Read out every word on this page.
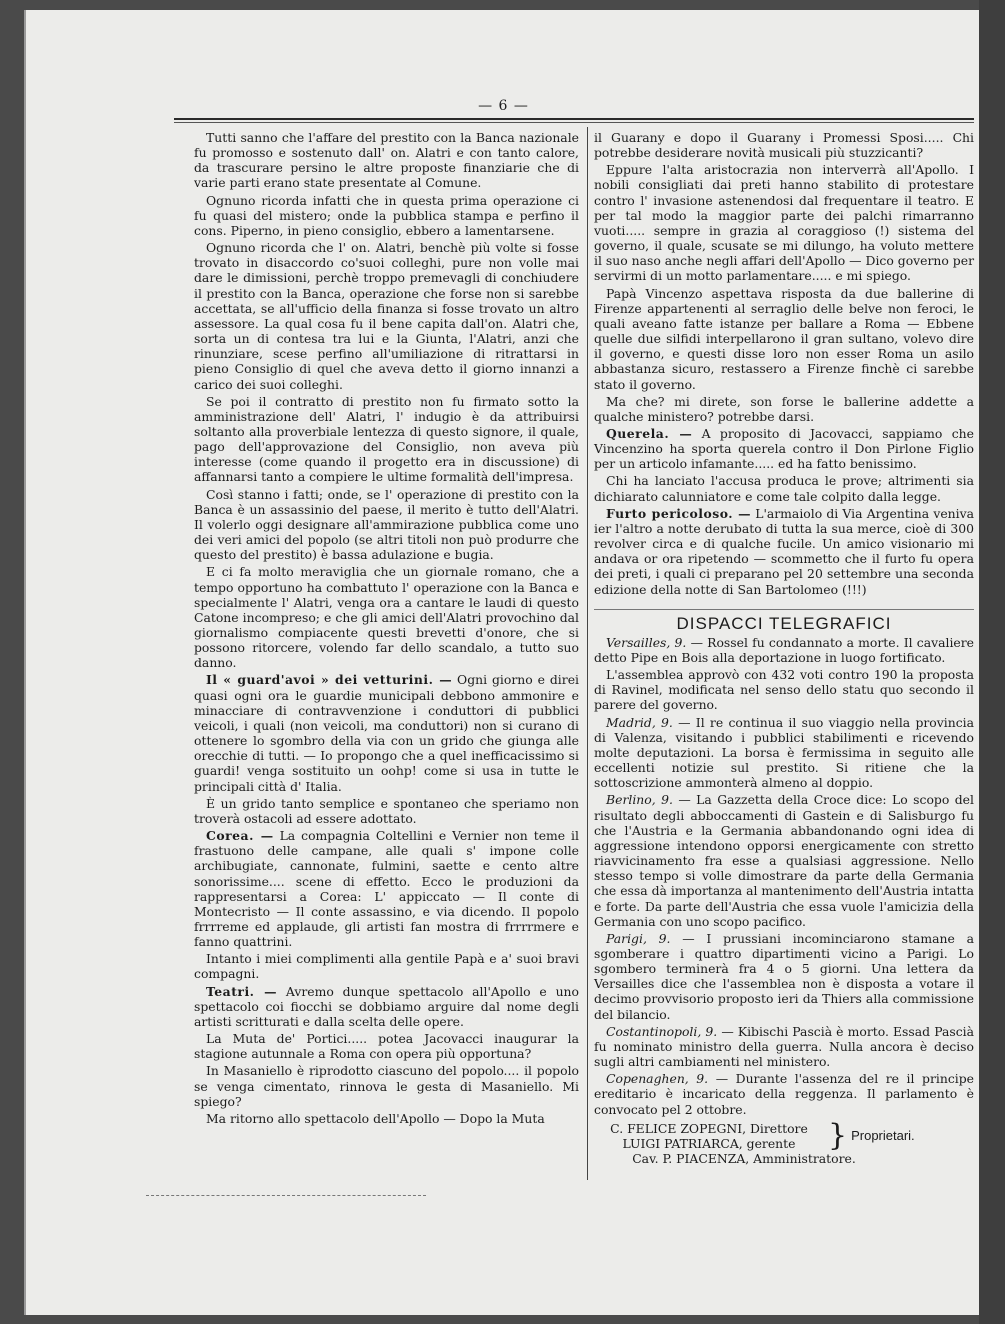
— 6 —

Tutti sanno che l'affare del prestito con la Banca nazionale fu promosso e sostenuto dall' on. Alatri e con tanto calore, da trascurare persino le altre proposte finanziarie che di varie parti erano state presentate al Comune.

Ognuno ricorda infatti che in questa prima operazione ci fu quasi del mistero; onde la pubblica stampa e perfino il cons. Piperno, in pieno consiglio, ebbero a lamentarsene.

Ognuno ricorda che l' on. Alatri, benchè più volte si fosse trovato in disaccordo co'suoi colleghi, pure non volle mai dare le dimissioni, perchè troppo premevagli di conchiudere il prestito con la Banca, operazione che forse non si sarebbe accettata, se all'ufficio della finanza si fosse trovato un altro assessore. La qual cosa fu il bene capita dall'on. Alatri che, sorta un di contesa tra lui e la Giunta, l'Alatri, anzi che rinunziare, scese perfino all'umiliazione di ritrattarsi in pieno Consiglio di quel che aveva detto il giorno innanzi a carico dei suoi colleghi.

Se poi il contratto di prestito non fu firmato sotto la amministrazione dell' Alatri, l' indugio è da attribuirsi soltanto alla proverbiale lentezza di questo signore, il quale, pago dell'approvazione del Consiglio, non aveva più interesse (come quando il progetto era in discussione) di affannarsi tanto a compiere le ultime formalità dell'impresa.

Così stanno i fatti; onde, se l' operazione di prestito con la Banca è un assassinio del paese, il merito è tutto dell'Alatri. Il volerlo oggi designare all'ammirazione pubblica come uno dei veri amici del popolo (se altri titoli non può produrre che questo del prestito) è bassa adulazione e bugia.

E ci fa molto meraviglia che un giornale romano, che a tempo opportuno ha combattuto l' operazione con la Banca e specialmente l' Alatri, venga ora a cantare le laudi di questo Catone incompreso; e che gli amici dell'Alatri provochino dal giornalismo compiacente questi brevetti d'onore, che si possono ritorcere, volendo far dello scandalo, a tutto suo danno.

Il « guard'avoi » dei vetturini. — Ogni giorno e direi quasi ogni ora le guardie municipali debbono ammonire e minacciare di contravvenzione i conduttori di pubblici veicoli, i quali (non veicoli, ma conduttori) non si curano di ottenere lo sgombro della via con un grido che giunga alle orecchie di tutti. — Io propongo che a quel inefficacissimo si guardi! venga sostituito un oohp! come si usa in tutte le principali città d' Italia.

È un grido tanto semplice e spontaneo che speriamo non troverà ostacoli ad essere adottato.

Corea. — La compagnia Coltellini e Vernier non teme il frastuono delle campane, alle quali s' impone colle archibugiate, cannonate, fulmini, saette e cento altre sonorissime.... scene di effetto. Ecco le produzioni da rappresentarsi a Corea: L' appiccato — Il conte di Montecristo — Il conte assassino, e via dicendo. Il popolo frrrreme ed applaude, gli artisti fan mostra di frrrrmere e fanno quattrini.

Intanto i miei complimenti alla gentile Papà e a' suoi bravi compagni.

Teatri. — Avremo dunque spettacolo all'Apollo e uno spettacolo coi fiocchi se dobbiamo arguire dal nome degli artisti scritturati e dalla scelta delle opere.

La Muta de' Portici..... potea Jacovacci inaugurar la stagione autunnale a Roma con opera più opportuna?

In Masaniello è riprodotto ciascuno del popolo.... il popolo se venga cimentato, rinnova le gesta di Masaniello. Mi spiego?

Ma ritorno allo spettacolo dell'Apollo — Dopo la Muta

il Guarany e dopo il Guarany i Promessi Sposi..... Chi potrebbe desiderare novità musicali più stuzzicanti?

Eppure l'alta aristocrazia non interverrà all'Apollo. I nobili consigliati dai preti hanno stabilito di protestare contro l' invasione astenendosi dal frequentare il teatro. E per tal modo la maggior parte dei palchi rimarranno vuoti..... sempre in grazia al coraggioso (!) sistema del governo, il quale, scusate se mi dilungo, ha voluto mettere il suo naso anche negli affari dell'Apollo — Dico governo per servirmi di un motto parlamentare..... e mi spiego.

Papà Vincenzo aspettava risposta da due ballerine di Firenze appartenenti al serraglio delle belve non feroci, le quali aveano fatte istanze per ballare a Roma — Ebbene quelle due silfidi interpellarono il gran sultano, volevo dire il governo, e questi disse loro non esser Roma un asilo abbastanza sicuro, restassero a Firenze finchè ci sarebbe stato il governo.

Ma che? mi direte, son forse le ballerine addette a qualche ministero? potrebbe darsi.

Querela. — A proposito di Jacovacci, sappiamo che Vincenzino ha sporta querela contro il Don Pirlone Figlio per un articolo infamante..... ed ha fatto benissimo.

Chi ha lanciato l'accusa produca le prove; altrimenti sia dichiarato calunniatore e come tale colpito dalla legge.

Furto pericoloso. — L'armaiolo di Via Argentina veniva ier l'altro a notte derubato di tutta la sua merce, cioè di 300 revolver circa e di qualche fucile. Un amico visionario mi andava or ora ripetendo — scommetto che il furto fu opera dei preti, i quali ci preparano pel 20 settembre una seconda edizione della notte di San Bartolomeo (!!!)

DISPACCI TELEGRAFICI

Versailles, 9. — Rossel fu condannato a morte. Il cavaliere detto Pipe en Bois alla deportazione in luogo fortificato.

L'assemblea approvò con 432 voti contro 190 la proposta di Ravinel, modificata nel senso dello statu quo secondo il parere del governo.

Madrid, 9. — Il re continua il suo viaggio nella provincia di Valenza, visitando i pubblici stabilimenti e ricevendo molte deputazioni. La borsa è fermissima in seguito alle eccellenti notizie sul prestito. Si ritiene che la sottoscrizione ammonterà almeno al doppio.

Berlino, 9. — La Gazzetta della Croce dice: Lo scopo del risultato degli abboccamenti di Gastein e di Salisburgo fu che l'Austria e la Germania abbandonando ogni idea di aggressione intendono opporsi energicamente con stretto riavvicinamento fra esse a qualsiasi aggressione. Nello stesso tempo si volle dimostrare da parte della Germania che essa dà importanza al mantenimento dell'Austria intatta e forte. Da parte dell'Austria che essa vuole l'amicizia della Germania con uno scopo pacifico.

Parigi, 9. — I prussiani incominciarono stamane a sgomberare i quattro dipartimenti vicino a Parigi. Lo sgombero terminerà fra 4 o 5 giorni. Una lettera da Versailles dice che l'assemblea non è disposta a votare il decimo provvisorio proposto ieri da Thiers alla commissione del bilancio.

Costantinopoli, 9. — Kibischi Pascià è morto. Essad Pascià fu nominato ministro della guerra. Nulla ancora è deciso sugli altri cambiamenti nel ministero.

Copenaghen, 9. — Durante l'assenza del re il principe ereditario è incaricato della reggenza. Il parlamento è convocato pel 2 ottobre.

C. FELICE ZOPEGNI, Direttore
LUIGI PATRIARCA, gerente	} Proprietari.
Cav. P. PIACENZA, Amministratore.
